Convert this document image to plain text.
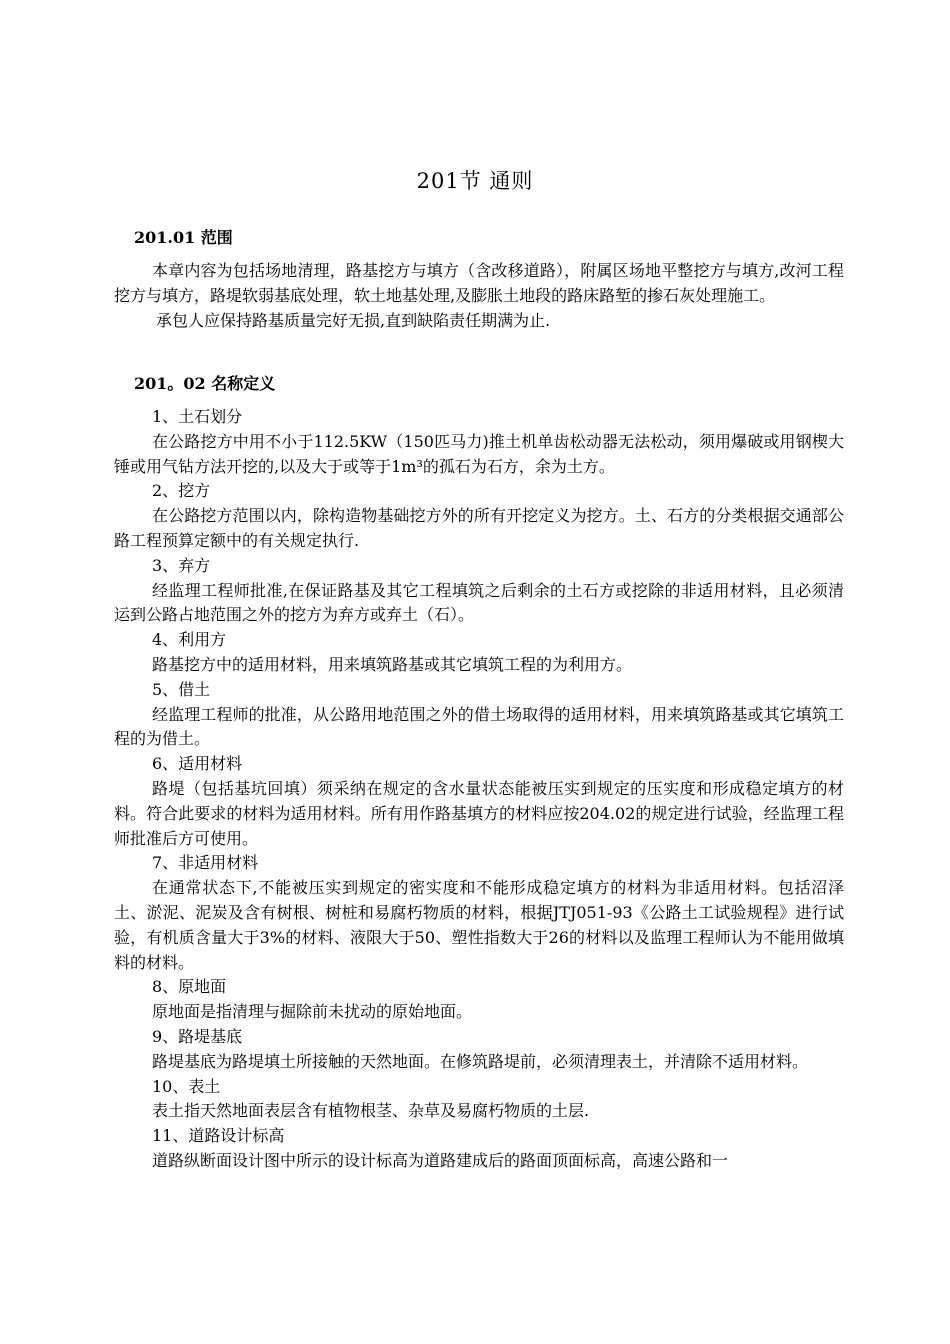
201节 通则
201.01 范围

本章内容为包括场地清理，路基挖方与填方（含改移道路），附属区场地平整挖方与填方,改河工程挖方与填方，路堤软弱基底处理，软土地基处理,及膨胀土地段的路床路堑的掺石灰处理施工。

承包人应保持路基质量完好无损,直到缺陷责任期满为止.

201。02 名称定义

1、土石划分

在公路挖方中用不小于112.5KW（150匹马力)推土机单齿松动器无法松动，须用爆破或用钢楔大锤或用气钻方法开挖的,以及大于或等于1m³的孤石为石方，余为土方。

2、挖方

在公路挖方范围以内，除构造物基础挖方外的所有开挖定义为挖方。土、石方的分类根据交通部公路工程预算定额中的有关规定执行.

3、弃方

经监理工程师批准,在保证路基及其它工程填筑之后剩余的土石方或挖除的非适用材料，且必须清运到公路占地范围之外的挖方为弃方或弃土（石）。

4、利用方

路基挖方中的适用材料，用来填筑路基或其它填筑工程的为利用方。

5、借土

经监理工程师的批准，从公路用地范围之外的借土场取得的适用材料，用来填筑路基或其它填筑工程的为借土。

6、适用材料

路堤（包括基坑回填）须采纳在规定的含水量状态能被压实到规定的压实度和形成稳定填方的材料。符合此要求的材料为适用材料。所有用作路基填方的材料应按204.02的规定进行试验，经监理工程师批准后方可使用。

7、非适用材料

在通常状态下,不能被压实到规定的密实度和不能形成稳定填方的材料为非适用材料。包括沼泽土、淤泥、泥炭及含有树根、树桩和易腐朽物质的材料，根据JTJ051-93《公路土工试验规程》进行试验，有机质含量大于3%的材料、液限大于50、塑性指数大于26的材料以及监理工程师认为不能用做填料的材料。

8、原地面

原地面是指清理与掘除前未扰动的原始地面。

9、路堤基底

路堤基底为路堤填土所接触的天然地面。在修筑路堤前，必须清理表土，并清除不适用材料。

10、表土

表土指天然地面表层含有植物根茎、杂草及易腐朽物质的土层.

11、道路设计标高

道路纵断面设计图中所示的设计标高为道路建成后的路面顶面标高，高速公路和一
